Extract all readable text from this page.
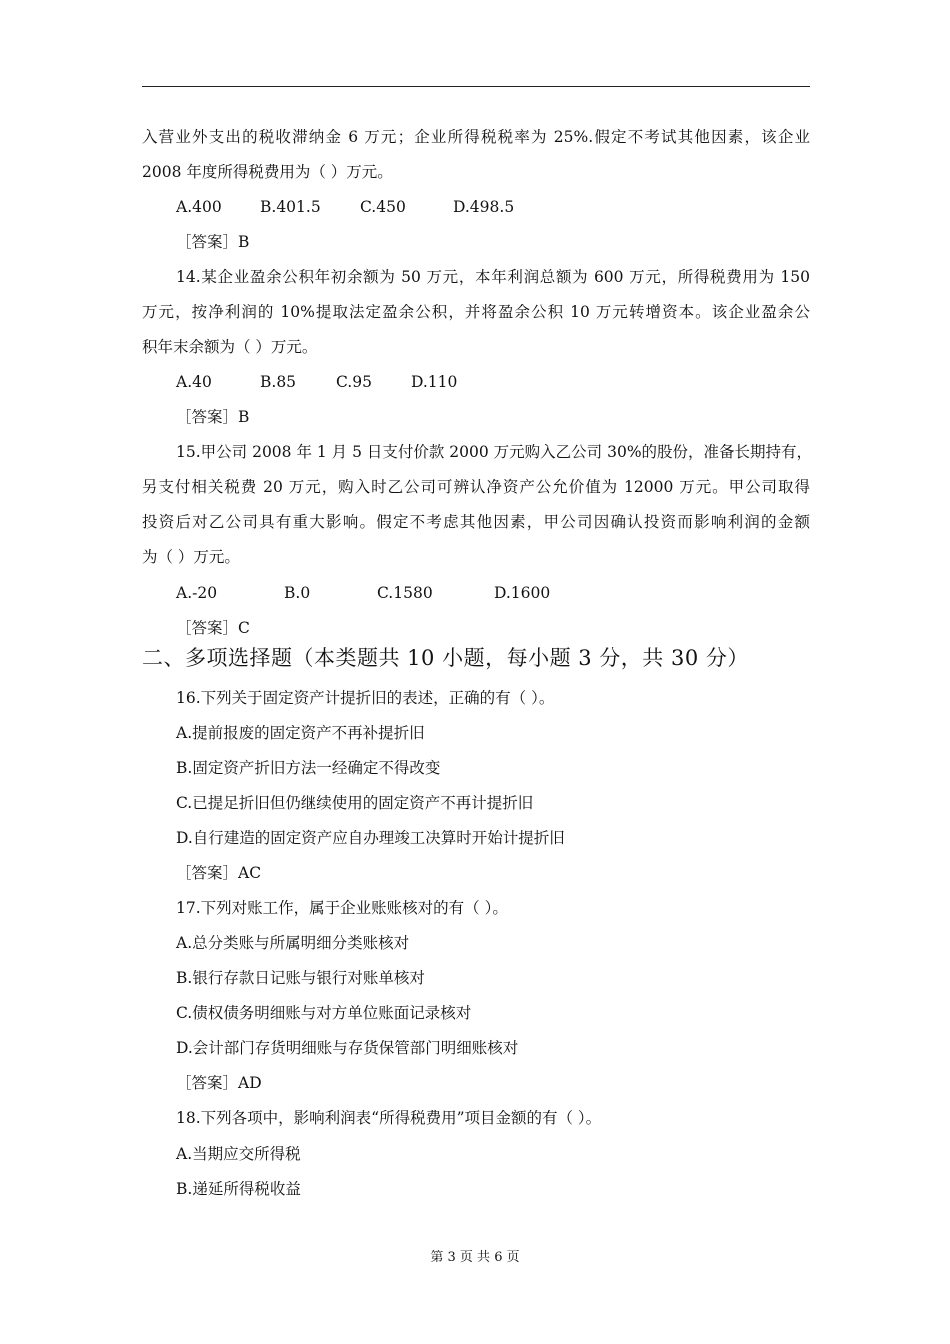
入营业外支出的税收滞纳金 6 万元；企业所得税税率为 25%.假定不考试其他因素，该企业
2008 年度所得税费用为（ ）万元。
A.400 B.401.5	C.450	D.498.5
［答案］B
14.某企业盈余公积年初余额为 50 万元，本年利润总额为 600 万元，所得税费用为 150
万元，按净利润的 10%提取法定盈余公积，并将盈余公积 10 万元转增资本。该企业盈余公
积年末余额为（ ）万元。
A.40	B.85	C.95	D.110
［答案］B
15.甲公司 2008 年 1 月 5 日支付价款 2000 万元购入乙公司 30%的股份，准备长期持有，
另支付相关税费 20 万元，购入时乙公司可辨认净资产公允价值为 12000 万元。甲公司取得
投资后对乙公司具有重大影响。假定不考虑其他因素，甲公司因确认投资而影响利润的金额
为（ ）万元。
A.-20	B.0	C.1580	D.1600
［答案］C
二、多项选择题（本类题共 10 小题，每小题 3 分，共 30 分）
16.下列关于固定资产计提折旧的表述，正确的有（ ）。
A.提前报废的固定资产不再补提折旧
B.固定资产折旧方法一经确定不得改变
C.已提足折旧但仍继续使用的固定资产不再计提折旧
D.自行建造的固定资产应自办理竣工决算时开始计提折旧
［答案］AC
17.下列对账工作，属于企业账账核对的有（ ）。
A.总分类账与所属明细分类账核对
B.银行存款日记账与银行对账单核对
C.债权债务明细账与对方单位账面记录核对
D.会计部门存货明细账与存货保管部门明细账核对
［答案］AD
18.下列各项中，影响利润表“所得税费用”项目金额的有（ ）。
A.当期应交所得税
B.递延所得税收益
第 3 页 共 6 页
